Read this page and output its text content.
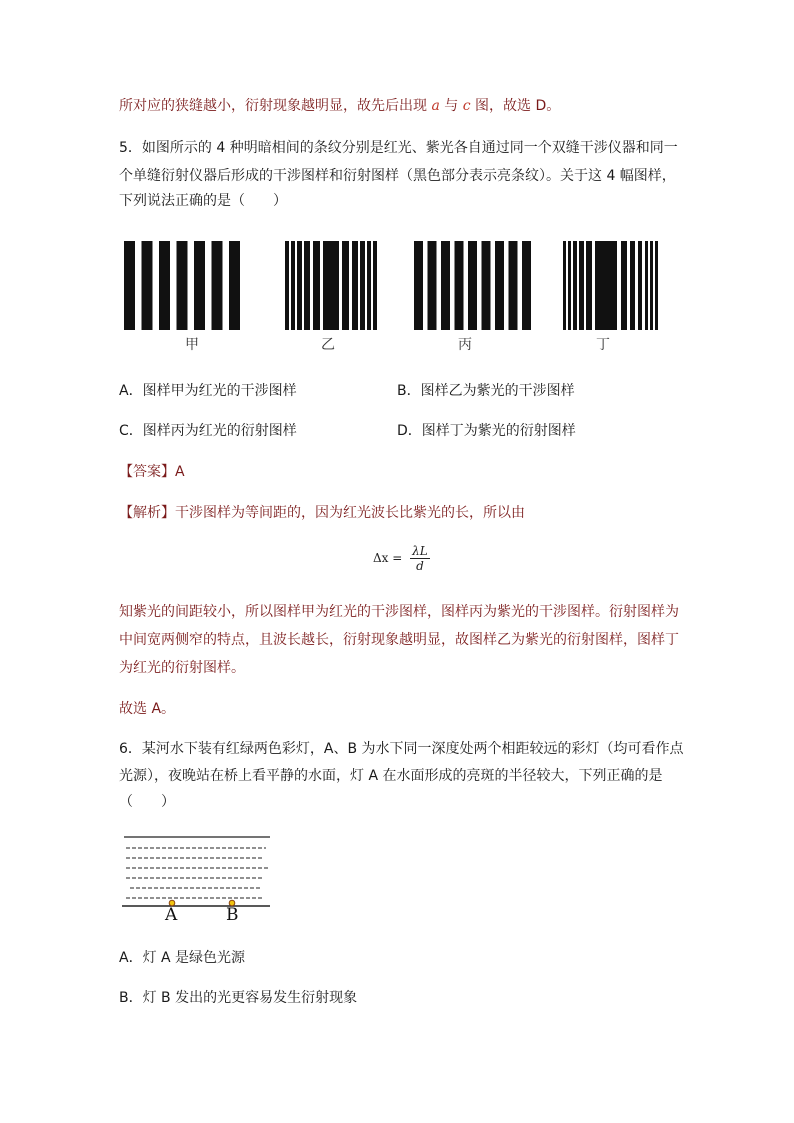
所对应的狭缝越小，衍射现象越明显，故先后出现 a 与 c 图，故选 D。
5．如图所示的 4 种明暗相间的条纹分别是红光、紫光各自通过同一个双缝干涉仪器和同一
个单缝衍射仪器后形成的干涉图样和衍射图样（黑色部分表示亮条纹）。关于这 4 幅图样，
下列说法正确的是（　　）
甲	乙	丙	丁
A．图样甲为红光的干涉图样	B．图样乙为紫光的干涉图样
C．图样丙为红光的衍射图样	D．图样丁为紫光的衍射图样
【答案】A
【解析】干涉图样为等间距的，因为红光波长比紫光的长，所以由
$\Delta x = \frac{\lambda L}{d}$
知紫光的间距较小，所以图样甲为红光的干涉图样，图样丙为紫光的干涉图样。衍射图样为
中间宽两侧窄的特点，且波长越长，衍射现象越明显，故图样乙为紫光的衍射图样，图样丁
为红光的衍射图样。
故选 A。
6．某河水下装有红绿两色彩灯，A、B 为水下同一深度处两个相距较远的彩灯（均可看作点
光源），夜晚站在桥上看平静的水面，灯 A 在水面形成的亮斑的半径较大，下列正确的是
（　　）
A	B
A．灯 A 是绿色光源
B．灯 B 发出的光更容易发生衍射现象
